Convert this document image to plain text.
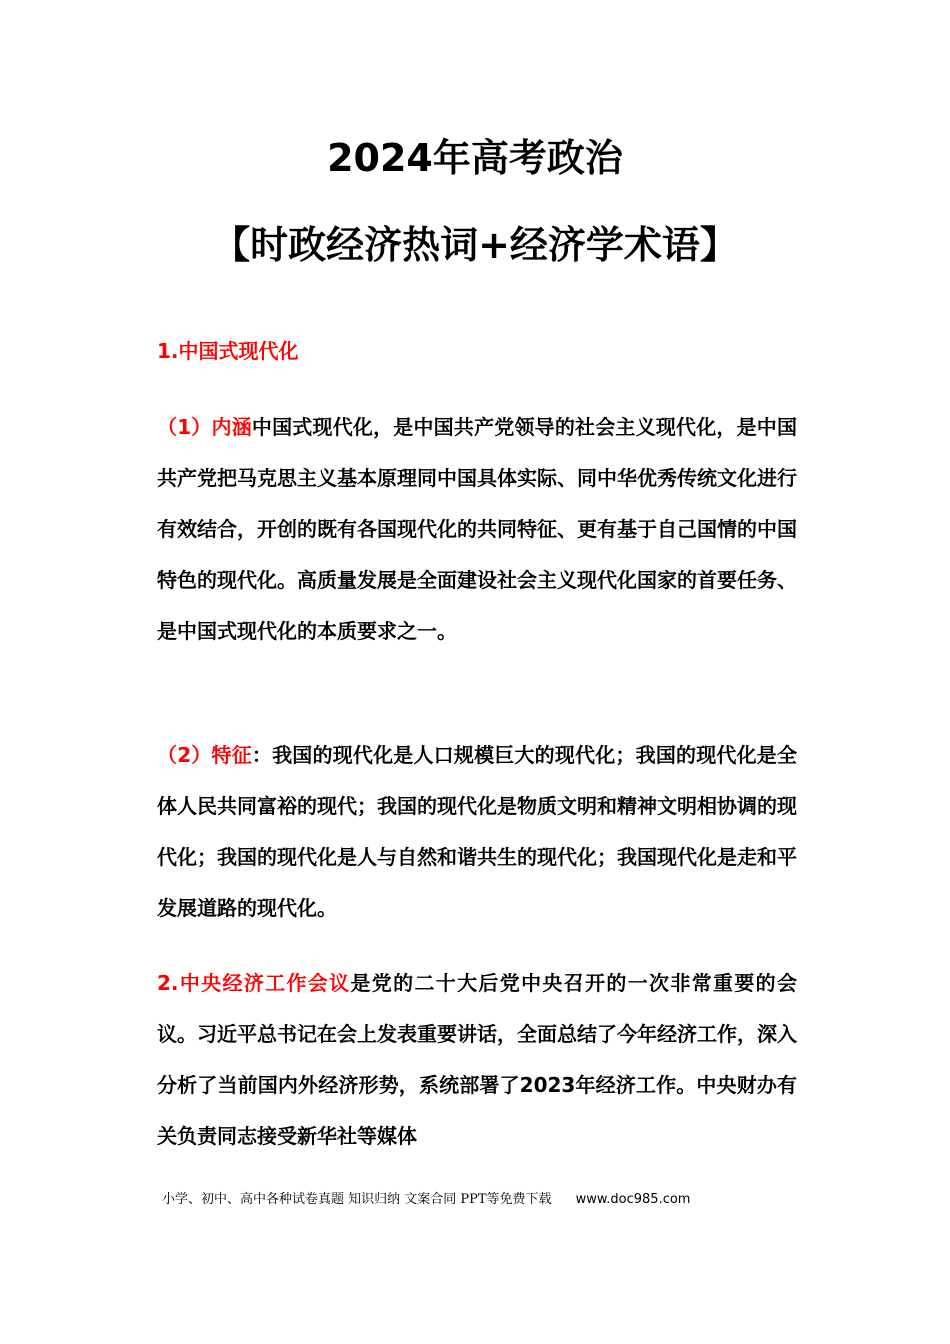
2024年高考政治
【时政经济热词+经济学术语】
1.中国式现代化
（1）内涵中国式现代化，是中国共产党领导的社会主义现代化，是中国共产党把马克思主义基本原理同中国具体实际、同中华优秀传统文化进行有效结合，开创的既有各国现代化的共同特征、更有基于自己国情的中国特色的现代化。高质量发展是全面建设社会主义现代化国家的首要任务、是中国式现代化的本质要求之一。
（2）特征：我国的现代化是人口规模巨大的现代化；我国的现代化是全体人民共同富裕的现代；我国的现代化是物质文明和精神文明相协调的现代化；我国的现代化是人与自然和谐共生的现代化；我国现代化是走和平发展道路的现代化。
2.中央经济工作会议是党的二十大后党中央召开的一次非常重要的会议。习近平总书记在会上发表重要讲话，全面总结了今年经济工作，深入分析了当前国内外经济形势，系统部署了2023年经济工作。中央财办有关负责同志接受新华社等媒体
小学、初中、高中各种试卷真题 知识归纳 文案合同 PPT等免费下载 www.doc985.com
